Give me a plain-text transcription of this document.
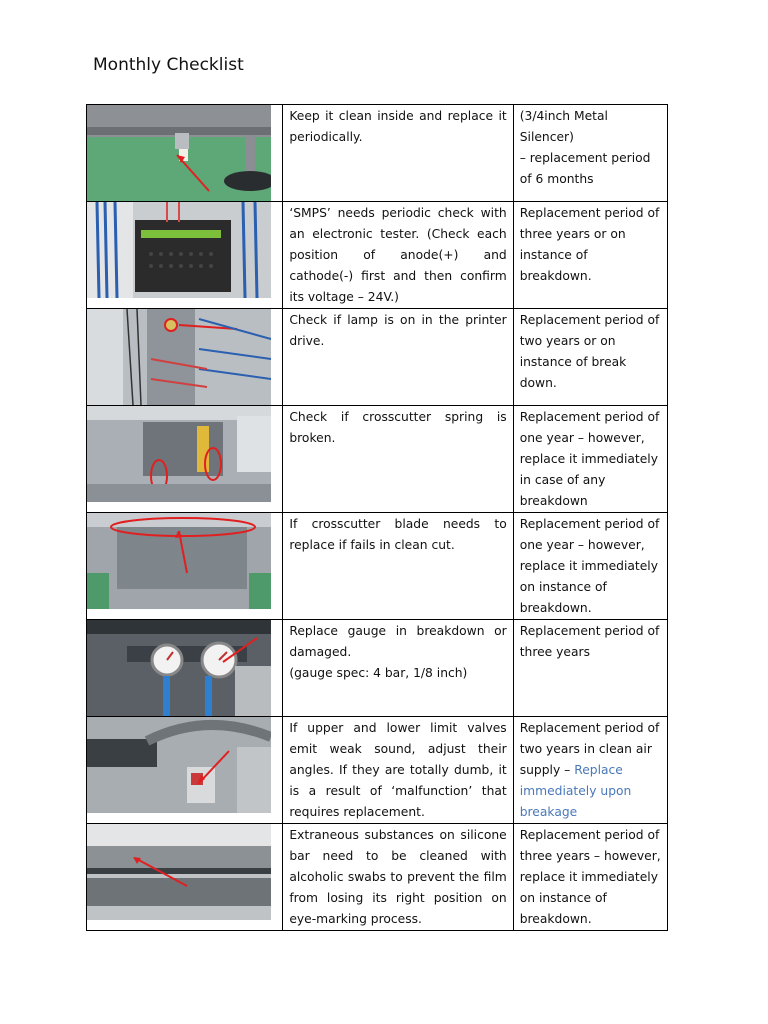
Monthly Checklist

Keep it clean inside and replace it periodically.	(3/4inch Metal Silencer)
– replacement period
of 6 months

‘SMPS’ needs periodic check with an electronic tester. (Check each position of anode(+) and cathode(-) first and then confirm its voltage – 24V.)	Replacement period of three years or on instance of breakdown.

Check if lamp is on in the printer drive.	Replacement period of
two years or on
instance of break
down.

Check if crosscutter spring is broken.	Replacement period of one year – however, replace it immediately in case of any breakdown

If crosscutter blade needs to replace if fails in clean cut.	Replacement period of one year – however,
replace it immediately
on instance of
breakdown.

Replace gauge in breakdown or damaged.
(gauge spec: 4 bar, 1/8 inch)	Replacement period of three years

If upper and lower limit valves emit weak sound, adjust their angles. If they are totally dumb, it is a result of ‘malfunction’ that requires replacement.	Replacement period of two years in clean air supply – Replace immediately upon breakage

Extraneous substances on silicone bar need to be cleaned with alcoholic swabs to prevent the film from losing its right position on eye-marking process.	Replacement period of three years – however,
replace it immediately
on instance of
breakdown.
